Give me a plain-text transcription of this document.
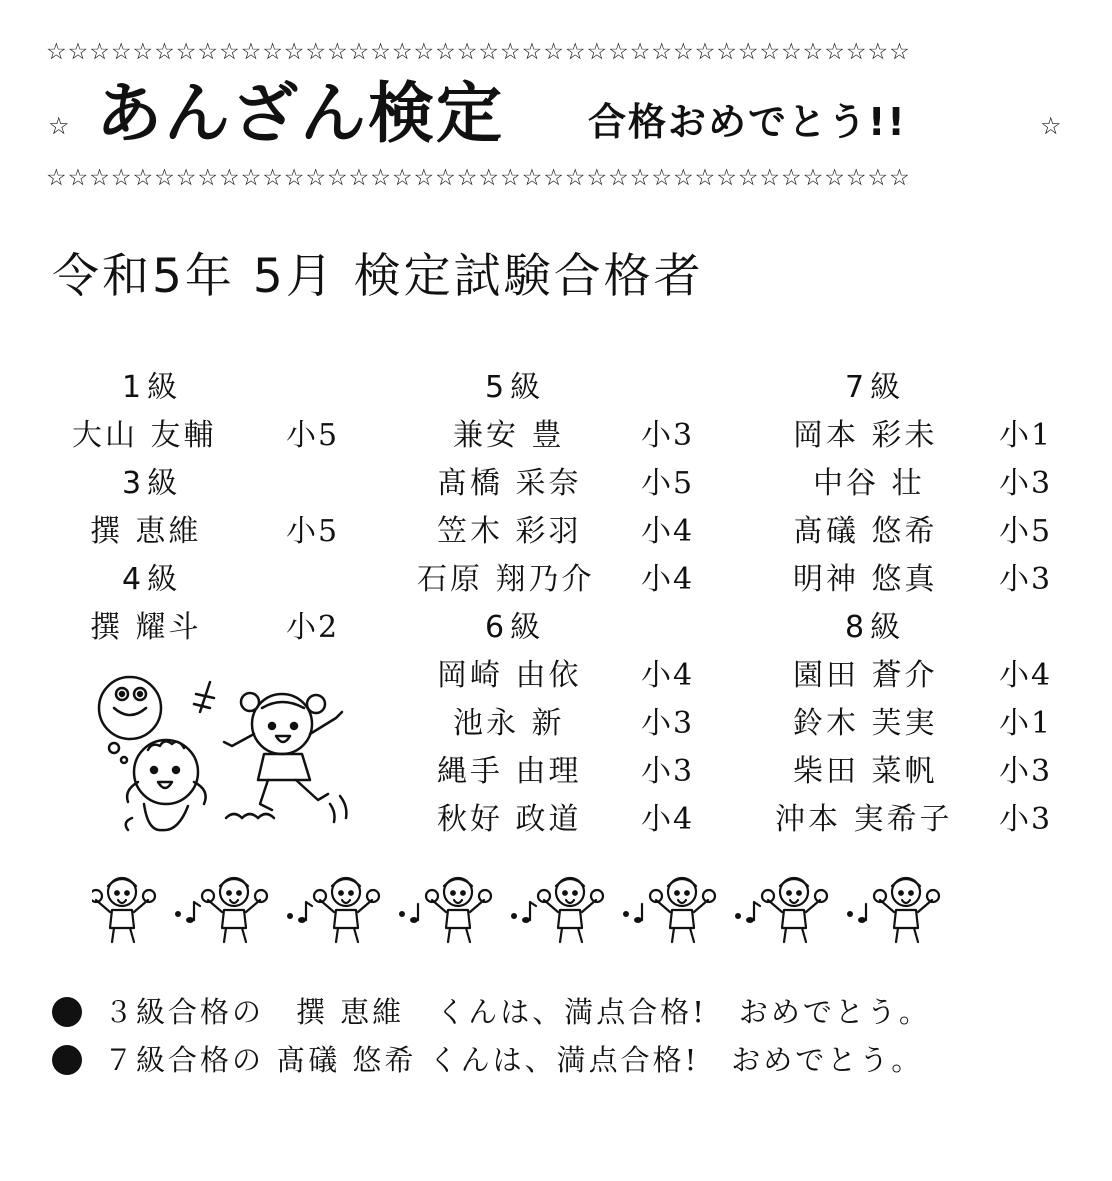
☆☆☆☆☆☆☆☆☆☆☆☆☆☆☆☆☆☆☆☆☆☆☆☆☆☆☆☆☆☆☆☆☆☆☆☆☆☆☆☆
☆ あんざん検定 合格おめでとう!!	☆
☆☆☆☆☆☆☆☆☆☆☆☆☆☆☆☆☆☆☆☆☆☆☆☆☆☆☆☆☆☆☆☆☆☆☆☆☆☆☆☆
令和5年 5月 検定試験合格者
1級
大山 友輔 小5
3級
撰 恵維	小5
4級
撰 耀斗	小2
5級
兼安 豊	小3
髙橋 采奈 小5
笠木 彩羽 小4
石原 翔乃介 小4
6級
岡崎 由依 小4
池永 新	小3
縄手 由理 小3
秋好 政道 小4
7級
岡本 彩未 小1
中谷 壮 小3
髙礒 悠希 小5
明神 悠真 小3
8級
園田 蒼介 小4
鈴木 芙実 小1
柴田 菜帆 小3
沖本 実希子 小3
３級合格の　撰 恵維　くんは、満点合格!　おめでとう。
７級合格の 髙礒 悠希 くんは、満点合格!　おめでとう。
